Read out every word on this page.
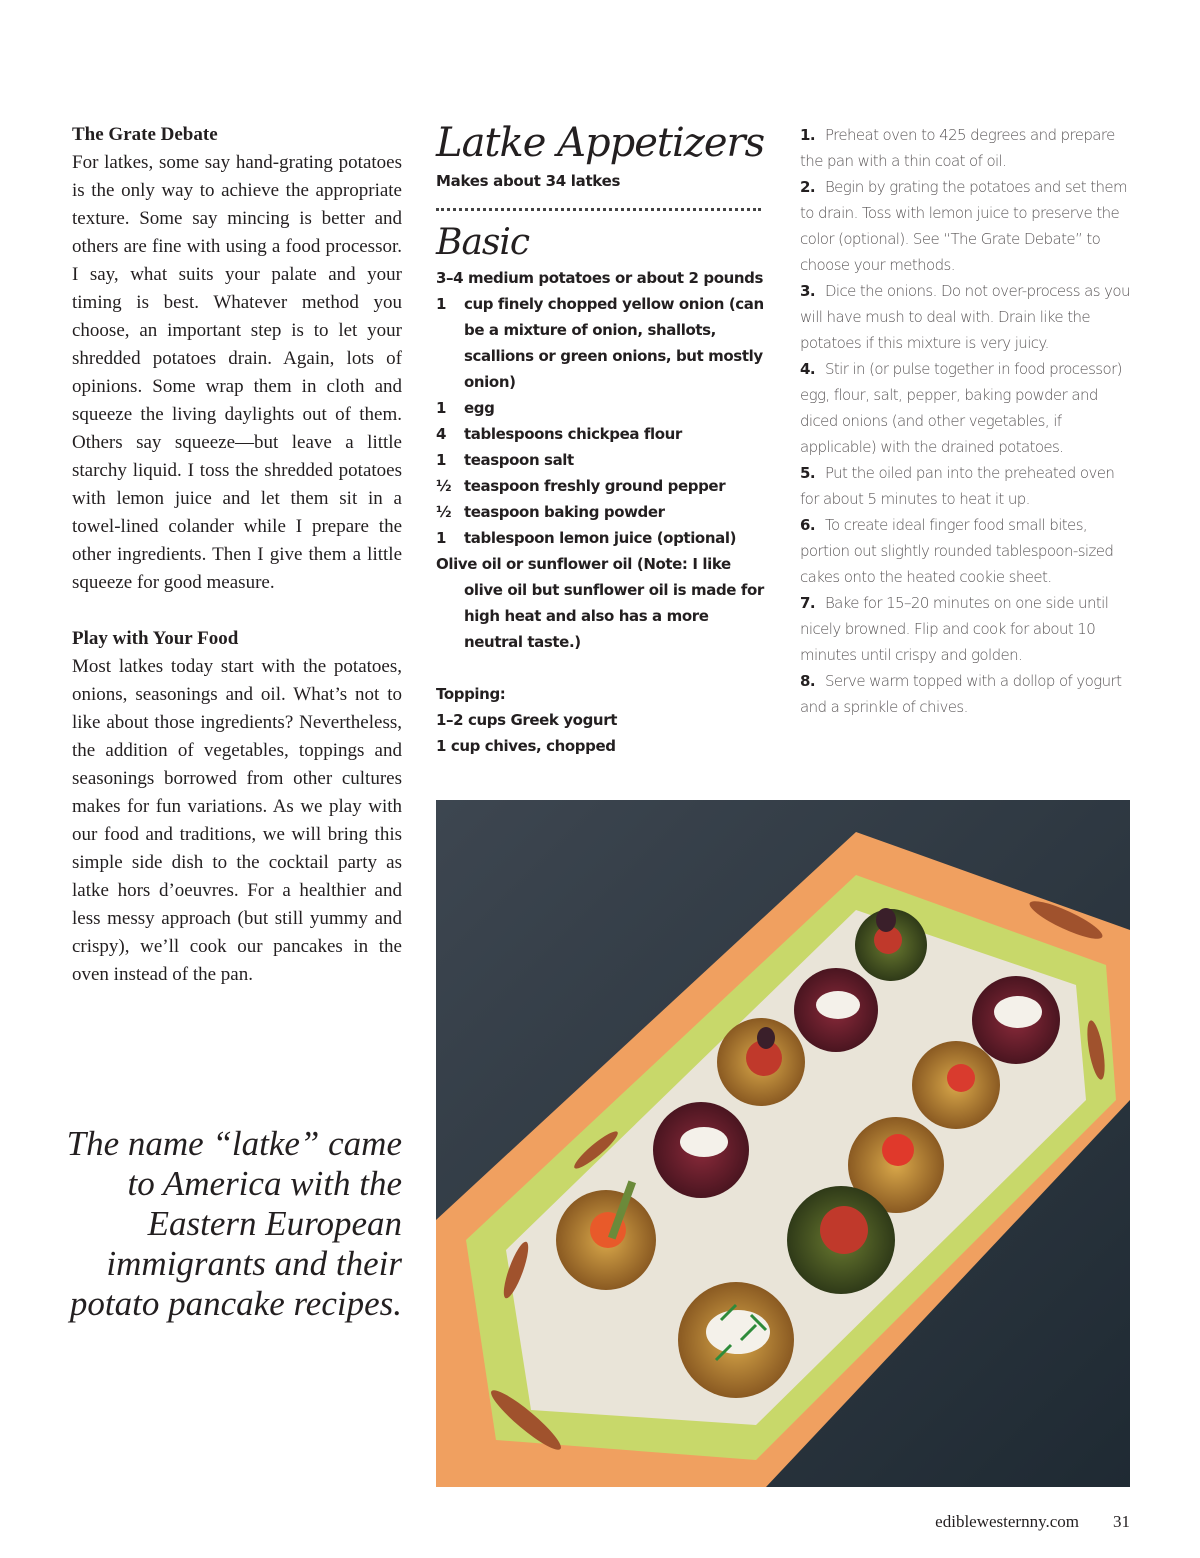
The Grate Debate

For latkes, some say hand-grating potatoes is the only way to achieve the appropriate texture. Some say mincing is better and others are fine with using a food processor. I say, what suits your palate and your timing is best. Whatever method you choose, an important step is to let your shredded potatoes drain. Again, lots of opinions. Some wrap them in cloth and squeeze the living daylights out of them. Others say squeeze—but leave a little starchy liquid. I toss the shredded potatoes with lemon juice and let them sit in a towel-lined colander while I prepare the other ingredients. Then I give them a little squeeze for good measure.

Play with Your Food

Most latkes today start with the potatoes, onions, seasonings and oil. What’s not to like about those ingredients? Nevertheless, the addition of vegetables, toppings and seasonings borrowed from other cultures makes for fun variations. As we play with our food and traditions, we will bring this simple side dish to the cocktail party as latke hors d’oeuvres. For a healthier and less messy approach (but still yummy and crispy), we’ll cook our pancakes in the oven instead of the pan.

The name “latke” came to America with the Eastern European immigrants and their potato pancake recipes.
Latke Appetizers

Makes about 34 latkes

Basic
3–4 medium potatoes or about 2 pounds
1	cup finely chopped yellow onion (can be a mixture of onion, shallots, scallions or green onions, but mostly onion)
1	egg
4	tablespoons chickpea flour
1	teaspoon salt
½ teaspoon freshly ground pepper
½ teaspoon baking powder
1	tablespoon lemon juice (optional)
Olive oil or sunflower oil (Note: I like olive oil but sunflower oil is made for high heat and also has a more neutral taste.)
Topping:
1–2 cups Greek yogurt
1 cup chives, chopped

1. Preheat oven to 425 degrees and prepare the pan with a thin coat of oil.

2. Begin by grating the potatoes and set them to drain. Toss with lemon juice to preserve the color (optional). See “The Grate Debate” to choose your methods.

3. Dice the onions. Do not over-process as you will have mush to deal with. Drain like the potatoes if this mixture is very juicy.

4. Stir in (or pulse together in food processor) egg, flour, salt, pepper, baking powder and diced onions (and other vegetables, if applicable) with the drained potatoes.

5. Put the oiled pan into the preheated oven for about 5 minutes to heat it up.

6. To create ideal finger food small bites, portion out slightly rounded tablespoon-sized cakes onto the heated cookie sheet.

7. Bake for 15–20 minutes on one side until nicely browned. Flip and cook for about 10 minutes until crispy and golden.

8. Serve warm topped with a dollop of yogurt and a sprinkle of chives.

ediblewesternny.com 31
